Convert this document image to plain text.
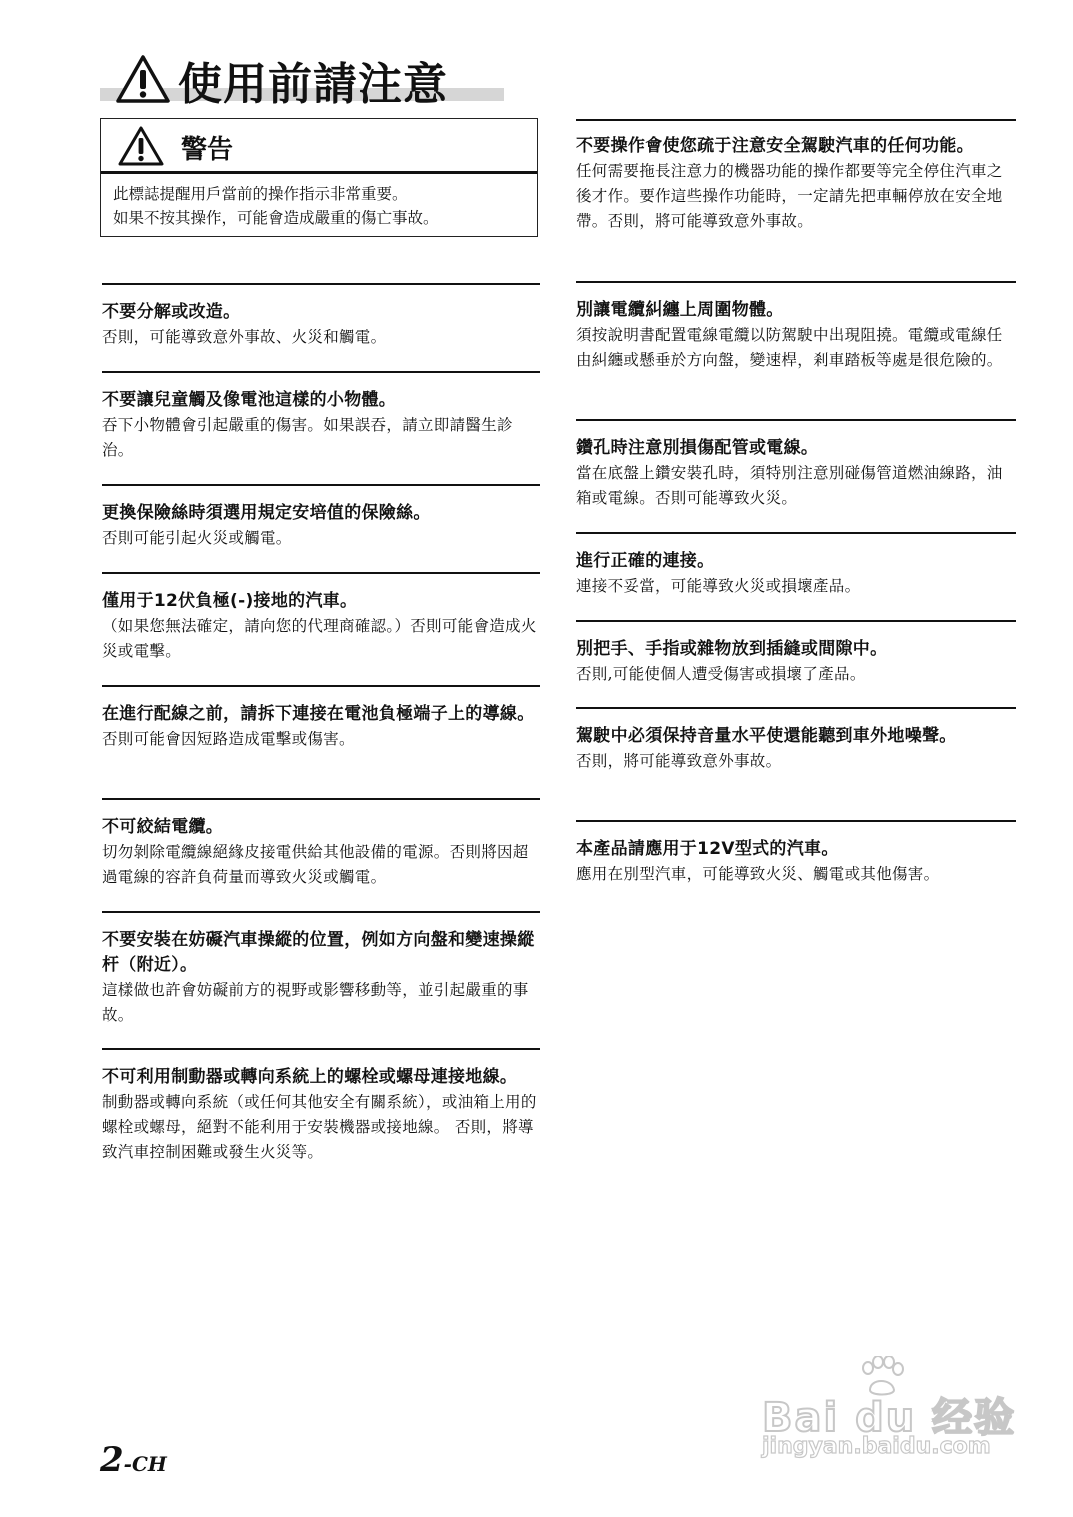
使用前請注意
警告
此標誌提醒用戶當前的操作指示非常重要。
如果不按其操作，可能會造成嚴重的傷亡事故。
不要分解或改造。
否則，可能導致意外事故、火災和觸電。
不要讓兒童觸及像電池這樣的小物體。
吞下小物體會引起嚴重的傷害。如果誤吞，請立即請醫生診治。
更換保險絲時須選用規定安培值的保險絲。
否則可能引起火災或觸電。
僅用于12伏負極(-)接地的汽車。
（如果您無法確定，請向您的代理商確認。）否則可能會造成火災或電擊。
在進行配線之前，請拆下連接在電池負極端子上的導線。
否則可能會因短路造成電擊或傷害。
不可絞結電纜。
切勿剝除電纜線絕緣皮接電供給其他設備的電源。否則將因超過電線的容許負荷量而導致火災或觸電。
不要安裝在妨礙汽車操縱的位置，例如方向盤和變速操縱杆（附近）。
這樣做也許會妨礙前方的視野或影響移動等，並引起嚴重的事故。
不可利用制動器或轉向系統上的螺栓或螺母連接地線。
制動器或轉向系統（或任何其他安全有關系統），或油箱上用的螺栓或螺母，絕對不能利用于安裝機器或接地線。 否則，將導致汽車控制困難或發生火災等。
不要操作會使您疏于注意安全駕駛汽車的任何功能。
任何需要拖長注意力的機器功能的操作都要等完全停住汽車之後才作。要作這些操作功能時，一定請先把車輛停放在安全地帶。否則，將可能導致意外事故。
別讓電纜糾纏上周圍物體。
須按說明書配置電線電纜以防駕駛中出現阻撓。電纜或電線任由糾纏或懸垂於方向盤，變速桿，剎車踏板等處是很危險的。
鑽孔時注意別損傷配管或電線。
當在底盤上鑽安裝孔時，須特別注意別碰傷管道燃油線路，油箱或電線。否則可能導致火災。
進行正確的連接。
連接不妥當，可能導致火災或損壞產品。
別把手、手指或雜物放到插縫或間隙中。
否則,可能使個人遭受傷害或損壞了產品。
駕駛中必須保持音量水平使還能聽到車外地噪聲。
否則，將可能導致意外事故。
本產品請應用于12V型式的汽車。
應用在別型汽車，可能導致火災、觸電或其他傷害。
2-CH
Bai du 经验
jingyan.baidu.com
